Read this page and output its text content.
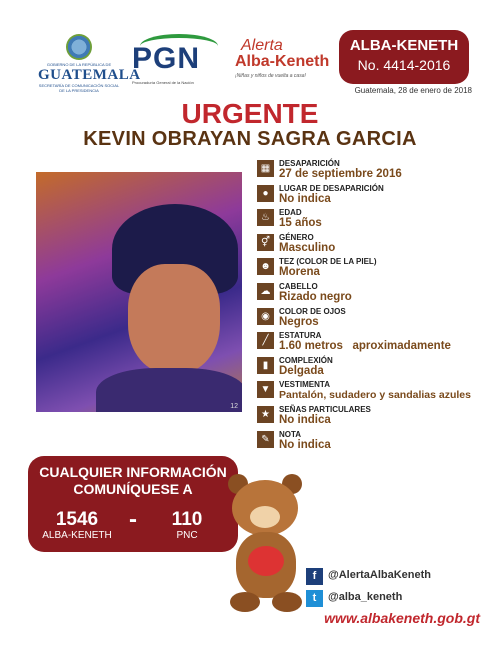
GOBIERNO DE LA REPÚBLICA DE
GUATEMALA
SECRETARÍA DE COMUNICACIÓN SOCIAL DE LA PRESIDENCIA
PGN
Procuraduría General de la Nación
Alerta
Alba-Keneth
¡Niñas y niños de vuelta a casa!
ALBA-KENETH
No. 4414-2016
Guatemala, 28 de enero de 2018
URGENTE
KEVIN OBRAYAN SAGRA GARCIA
12
▦	DESAPARICIÓN
27 de septiembre 2016
●	LUGAR DE DESAPARICIÓN
No indica
♨	EDAD
15 años
⚥	GÉNERO
Masculino
☻	TEZ (COLOR DE LA PIEL)
Morena
☁	CABELLO
Rizado negro
◉	COLOR DE OJOS
Negros
╱	ESTATURA
1.60 metros   aproximadamente
▮	COMPLEXIÓN
Delgada
▼	VESTIMENTA
Pantalón, sudadero y sandalias azules
★	SEÑAS PARTICULARES
No indica
✎	NOTA
No indica
CUALQUIER INFORMACIÓN
COMUNÍQUESE A
1546
ALBA-KENETH
-	110
PNC
f	@AlertaAlbaKeneth
t	@alba_keneth
www.albakeneth.gob.gt
